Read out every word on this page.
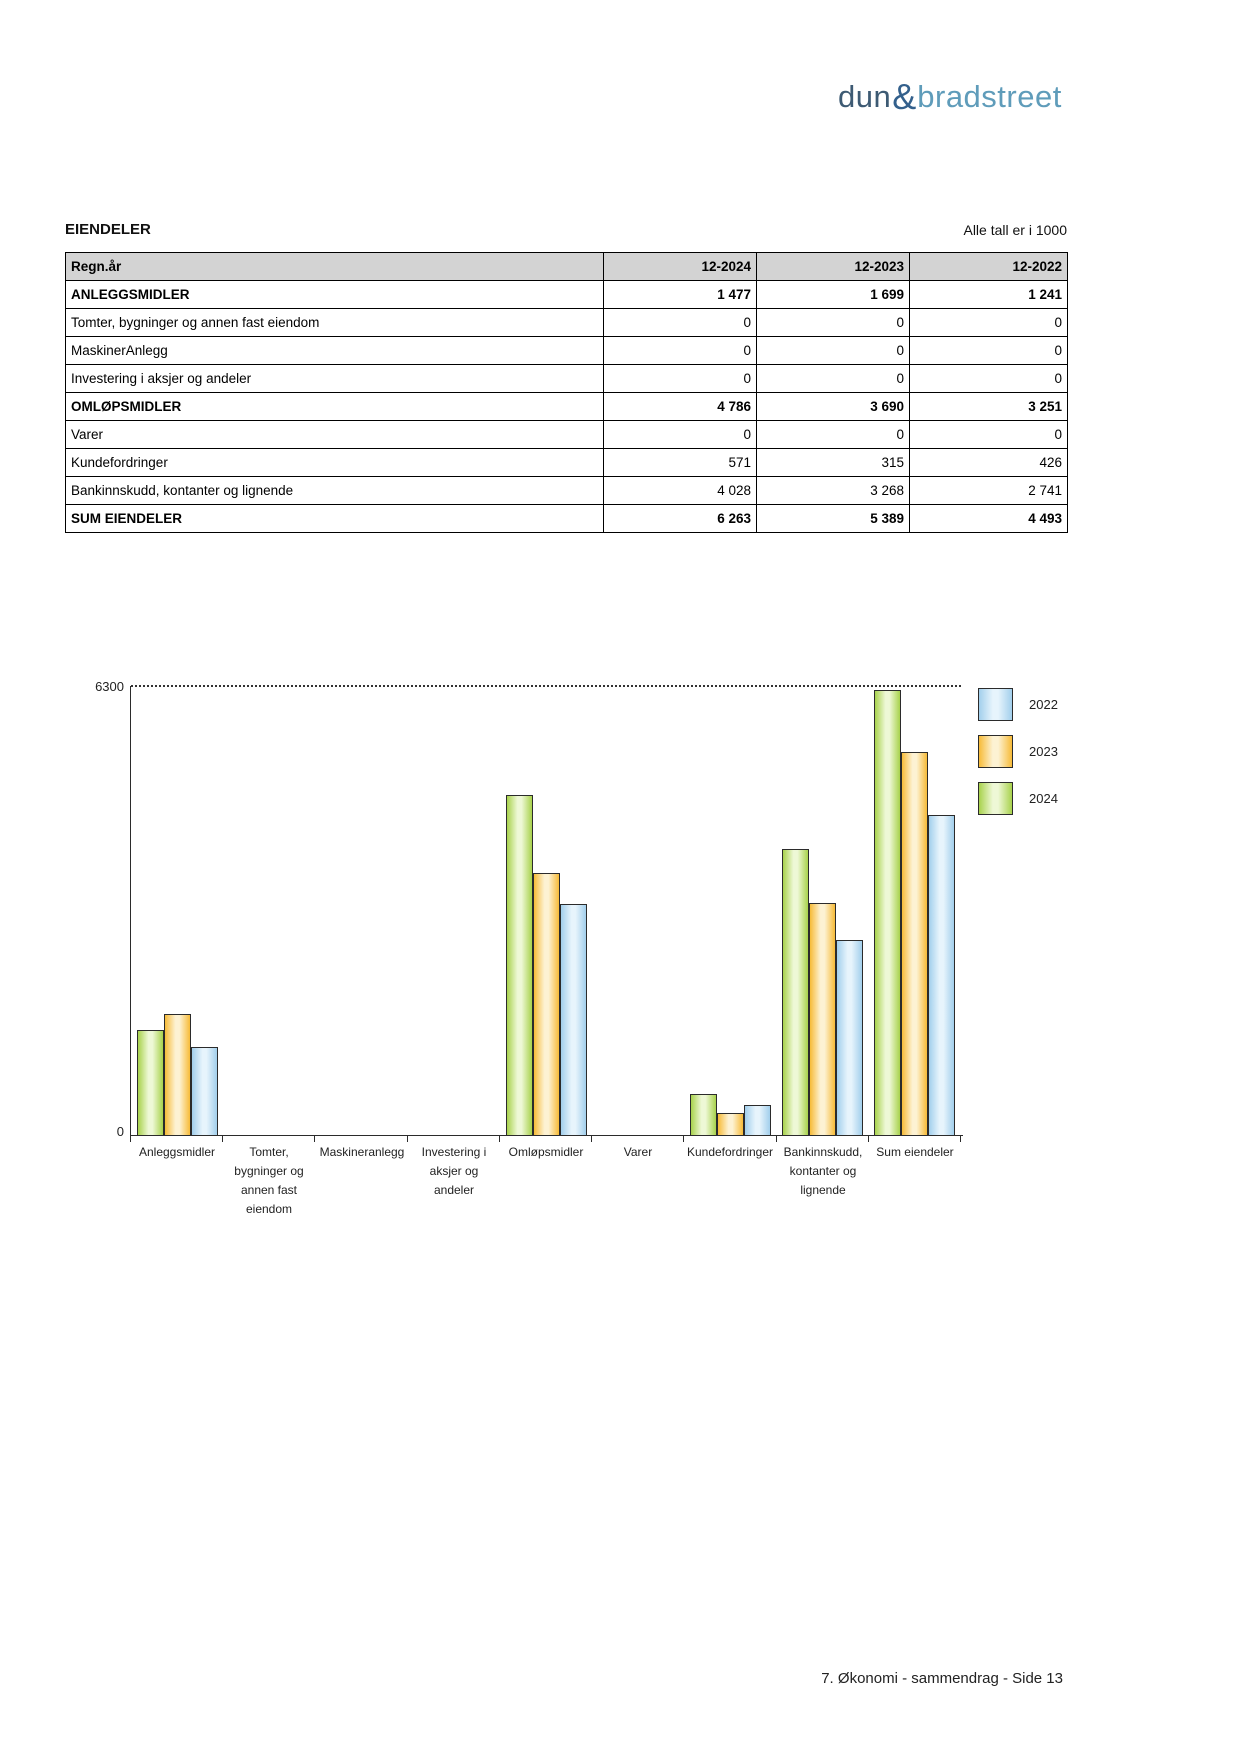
dun & bradstreet
EIENDELER	Alle tall er i 1000
Regn.år	12-2024	12-2023	12-2022
ANLEGGSMIDLER	1 477	1 699	1 241
Tomter, bygninger og annen fast eiendom	0	0	0
MaskinerAnlegg	0	0	0
Investering i aksjer og andeler	0	0	0
OMLØPSMIDLER	4 786	3 690	3 251
Varer	0	0	0
Kundefordringer	571	315	426
Bankinnskudd, kontanter og lignende	4 028	3 268	2 741
SUM EIENDELER	6 263	5 389	4 493
6300
0
Anleggsmidler	Tomter,
bygninger og
annen fast
eiendom
Maskineranlegg	Investering i
aksjer og
andeler
Omløpsmidler	Varer	Kundefordringer Bankinnskudd,
kontanter og
lignende
Sum eiendeler
2022
2023
2024
7. Økonomi - sammendrag - Side 13
